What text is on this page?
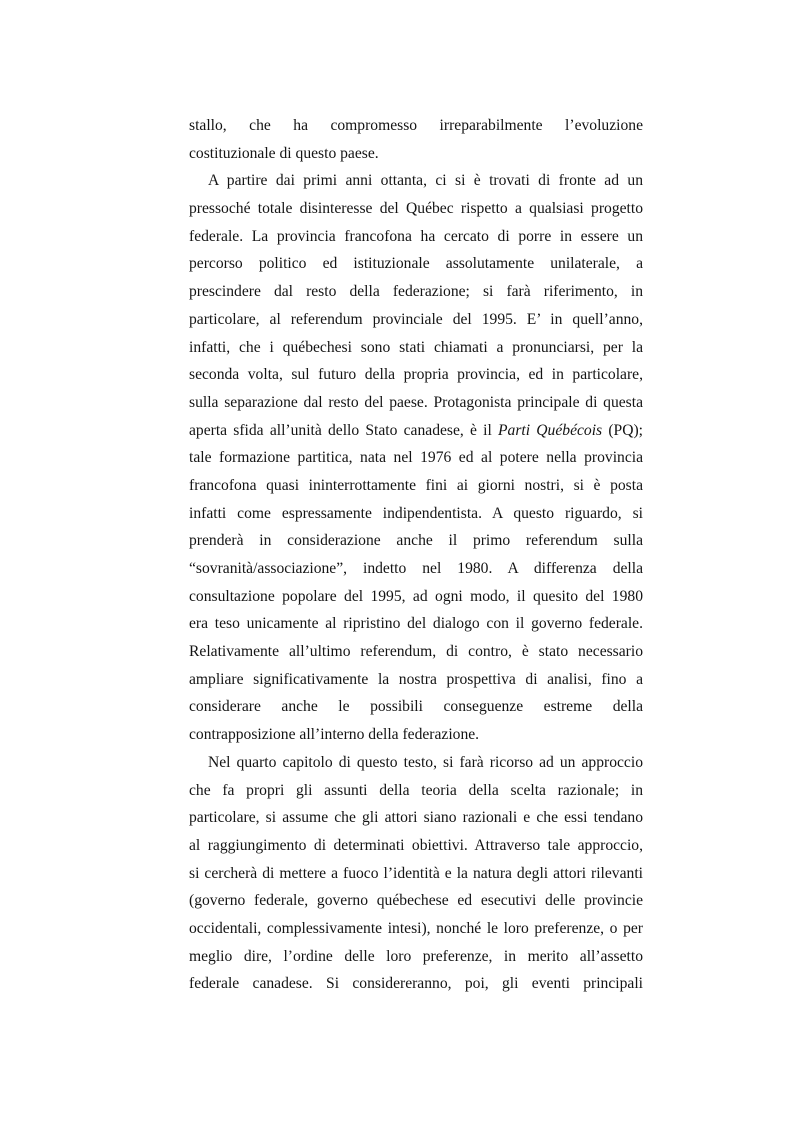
stallo, che ha compromesso irreparabilmente l’evoluzione
costituzionale di questo paese.
A partire dai primi anni ottanta, ci si è trovati di fronte ad un
pressoché totale disinteresse del Québec rispetto a qualsiasi progetto
federale. La provincia francofona ha cercato di porre in essere un
percorso politico ed istituzionale assolutamente unilaterale, a
prescindere dal resto della federazione; si farà riferimento, in
particolare, al referendum provinciale del 1995. E’ in quell’anno,
infatti, che i québechesi sono stati chiamati a pronunciarsi, per la
seconda volta, sul futuro della propria provincia, ed in particolare,
sulla separazione dal resto del paese. Protagonista principale di questa
aperta sfida all’unità dello Stato canadese, è il Parti Québécois (PQ);
tale formazione partitica, nata nel 1976 ed al potere nella provincia
francofona quasi ininterrottamente fini ai giorni nostri, si è posta
infatti come espressamente indipendentista. A questo riguardo, si
prenderà in considerazione anche il primo referendum sulla
“sovranità/associazione”, indetto nel 1980. A differenza della
consultazione popolare del 1995, ad ogni modo, il quesito del 1980
era teso unicamente al ripristino del dialogo con il governo federale.
Relativamente all’ultimo referendum, di contro, è stato necessario
ampliare significativamente la nostra prospettiva di analisi, fino a
considerare anche le possibili conseguenze estreme della
contrapposizione all’interno della federazione.
Nel quarto capitolo di questo testo, si farà ricorso ad un approccio
che fa propri gli assunti della teoria della scelta razionale; in
particolare, si assume che gli attori siano razionali e che essi tendano
al raggiungimento di determinati obiettivi. Attraverso tale approccio,
si cercherà di mettere a fuoco l’identità e la natura degli attori rilevanti
(governo federale, governo québechese ed esecutivi delle provincie
occidentali, complessivamente intesi), nonché le loro preferenze, o per
meglio dire, l’ordine delle loro preferenze, in merito all’assetto
federale canadese. Si considereranno, poi, gli eventi principali
